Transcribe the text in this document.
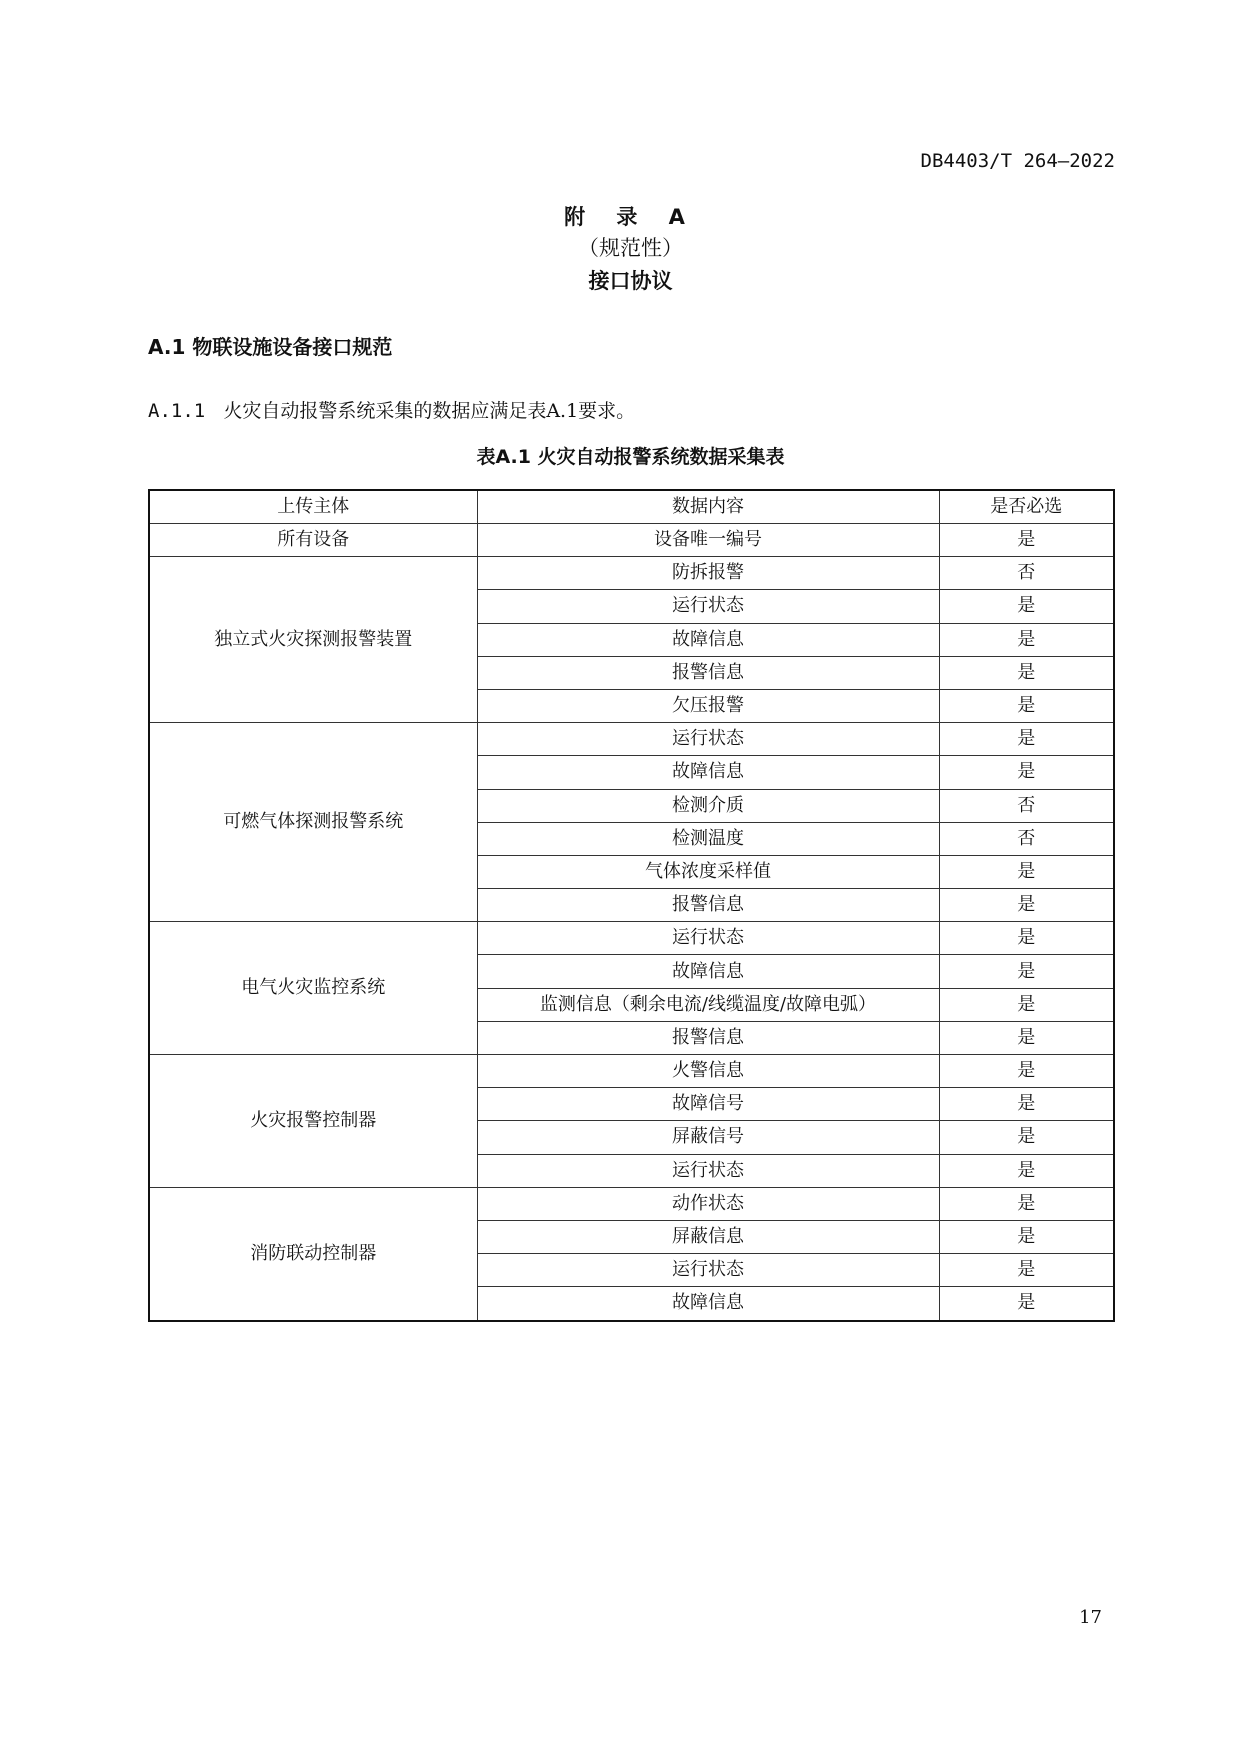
DB4403/T 264—2022
附 录 A
（规范性）
接口协议
A.1 物联设施设备接口规范
A.1.1 火灾自动报警系统采集的数据应满足表A.1要求。
表A.1 火灾自动报警系统数据采集表
上传主体	数据内容	是否必选
所有设备	设备唯一编号	是
独立式火灾探测报警装置	防拆报警	否
	运行状态	是
	故障信息	是
	报警信息	是
	欠压报警	是
可燃气体探测报警系统	运行状态	是
	故障信息	是
	检测介质	否
	检测温度	否
	气体浓度采样值	是
	报警信息	是
电气火灾监控系统	运行状态	是
	故障信息	是
	监测信息（剩余电流/线缆温度/故障电弧）	是
	报警信息	是
火灾报警控制器	火警信息	是
	故障信号	是
	屏蔽信号	是
	运行状态	是
消防联动控制器	动作状态	是
	屏蔽信息	是
	运行状态	是
	故障信息	是
17
